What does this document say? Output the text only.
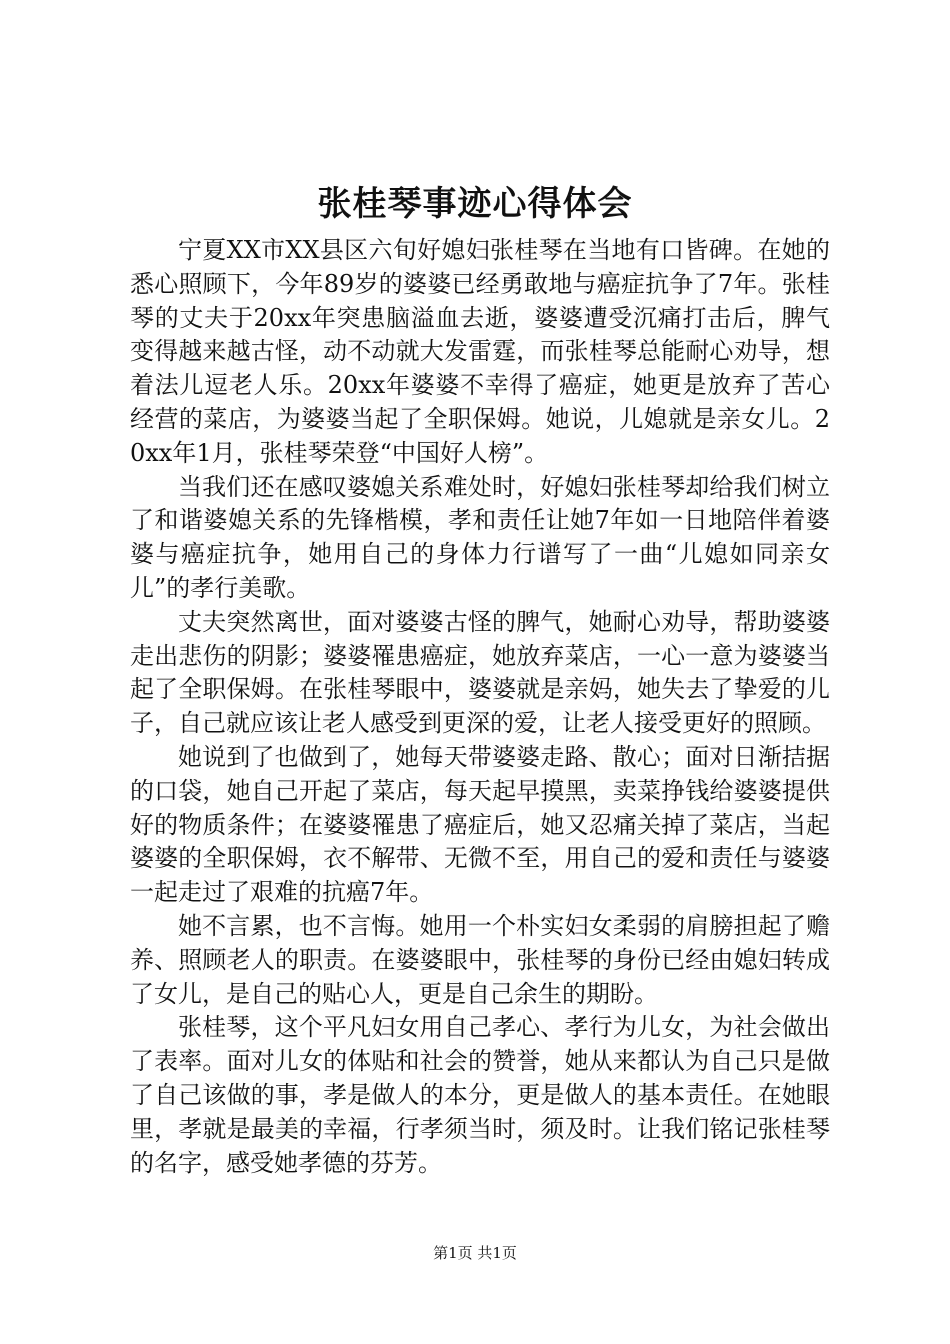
张桂琴事迹心得体会

宁夏XX市XX县区六旬好媳妇张桂琴在当地有口皆碑。在她的悉心照顾下，今年89岁的婆婆已经勇敢地与癌症抗争了7年。张桂琴的丈夫于20xx年突患脑溢血去逝，婆婆遭受沉痛打击后，脾气变得越来越古怪，动不动就大发雷霆，而张桂琴总能耐心劝导，想着法儿逗老人乐。20xx年婆婆不幸得了癌症，她更是放弃了苦心经营的菜店，为婆婆当起了全职保姆。她说，儿媳就是亲女儿。20xx年1月，张桂琴荣登“中国好人榜”。

当我们还在感叹婆媳关系难处时，好媳妇张桂琴却给我们树立了和谐婆媳关系的先锋楷模，孝和责任让她7年如一日地陪伴着婆婆与癌症抗争，她用自己的身体力行谱写了一曲“儿媳如同亲女儿”的孝行美歌。

丈夫突然离世，面对婆婆古怪的脾气，她耐心劝导，帮助婆婆走出悲伤的阴影；婆婆罹患癌症，她放弃菜店，一心一意为婆婆当起了全职保姆。在张桂琴眼中，婆婆就是亲妈，她失去了挚爱的儿子，自己就应该让老人感受到更深的爱，让老人接受更好的照顾。

她说到了也做到了，她每天带婆婆走路、散心；面对日渐拮据的口袋，她自己开起了菜店，每天起早摸黑，卖菜挣钱给婆婆提供好的物质条件；在婆婆罹患了癌症后，她又忍痛关掉了菜店，当起婆婆的全职保姆，衣不解带、无微不至，用自己的爱和责任与婆婆一起走过了艰难的抗癌7年。

她不言累，也不言悔。她用一个朴实妇女柔弱的肩膀担起了赡养、照顾老人的职责。在婆婆眼中，张桂琴的身份已经由媳妇转成了女儿，是自己的贴心人，更是自己余生的期盼。

张桂琴，这个平凡妇女用自己孝心、孝行为儿女，为社会做出了表率。面对儿女的体贴和社会的赞誉，她从来都认为自己只是做了自己该做的事，孝是做人的本分，更是做人的基本责任。在她眼里，孝就是最美的幸福，行孝须当时，须及时。让我们铭记张桂琴的名字，感受她孝德的芬芳。

第1页 共1页
